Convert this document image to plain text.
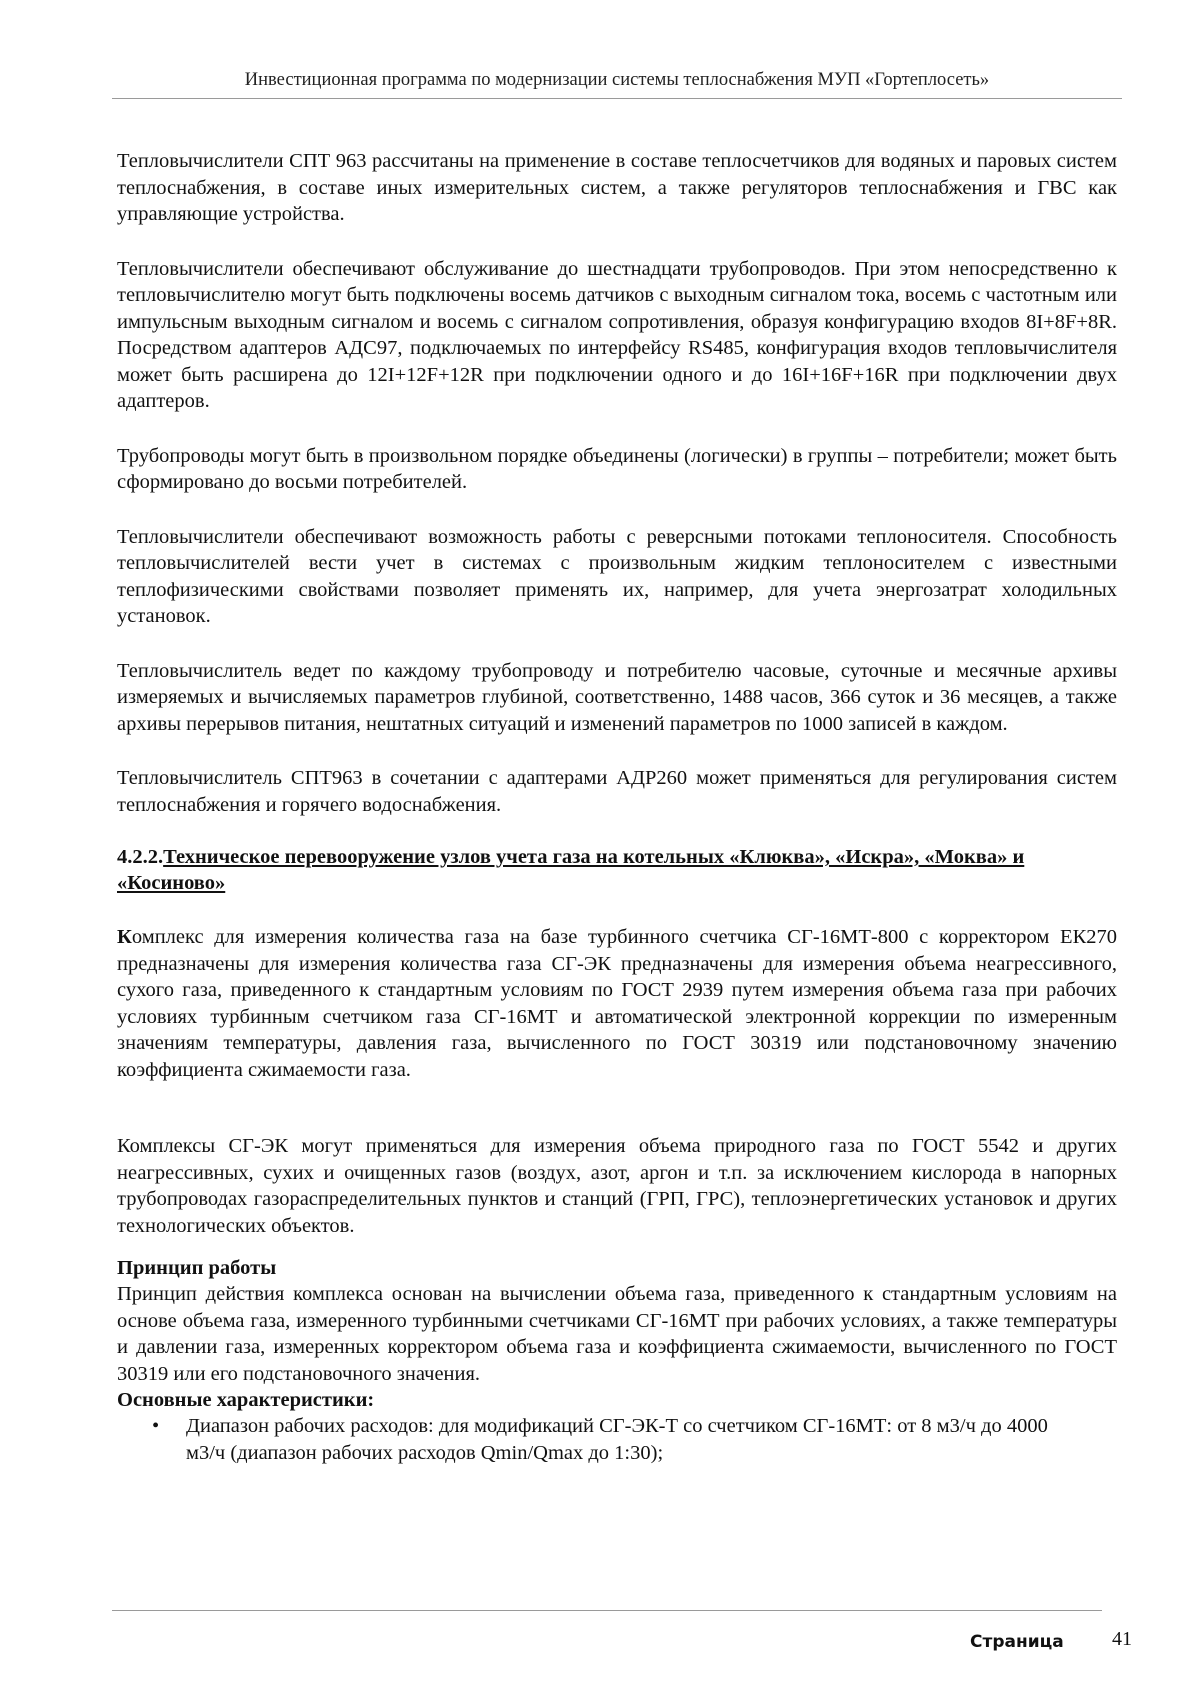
Инвестиционная программа по модернизации системы теплоснабжения МУП «Гортеплосеть»

Тепловычислители СПТ 963 рассчитаны на применение в составе теплосчетчиков для водяных и паровых систем теплоснабжения, в составе иных измерительных систем, а также регуляторов теплоснабжения и ГВС как управляющие устройства.

Тепловычислители обеспечивают обслуживание до шестнадцати трубопроводов. При этом непосредственно к тепловычислителю могут быть подключены восемь датчиков с выходным сигналом тока, восемь с частотным или импульсным выходным сигналом и восемь с сигналом сопротивления, образуя конфигурацию входов 8I+8F+8R. Посредством адаптеров АДС97, подключаемых по интерфейсу RS485, конфигурация входов тепловычислителя может быть расширена до 12I+12F+12R при подключении одного и до 16I+16F+16R при подключении двух адаптеров.

Трубопроводы могут быть в произвольном порядке объединены (логически) в группы – потребители; может быть сформировано до восьми потребителей.

Тепловычислители обеспечивают возможность работы с реверсными потоками теплоносителя. Способность тепловычислителей вести учет в системах с произвольным жидким теплоносителем с известными теплофизическими свойствами позволяет применять их, например, для учета энергозатрат холодильных установок.

Тепловычислитель ведет по каждому трубопроводу и потребителю часовые, суточные и месячные архивы измеряемых и вычисляемых параметров глубиной, соответственно, 1488 часов, 366 суток и 36 месяцев, а также архивы перерывов питания, нештатных ситуаций и изменений параметров по 1000 записей в каждом.

Тепловычислитель СПТ963 в сочетании с адаптерами АДР260 может применяться для регулирования систем теплоснабжения и горячего водоснабжения.

4.2.2.Техническое перевооружение узлов учета газа на котельных «Клюква», «Искра», «Моква» и «Косиново»

Комплекс для измерения количества газа на базе турбинного счетчика СГ-16МТ-800 с корректором ЕК270 предназначены для измерения количества газа СГ-ЭК предназначены для измерения объема неагрессивного, сухого газа, приведенного к стандартным условиям по ГОСТ 2939 путем измерения объема газа при рабочих условиях турбинным счетчиком газа СГ-16МТ и автоматической электронной коррекции по измеренным значениям температуры, давления газа, вычисленного по ГОСТ 30319 или подстановочному значению коэффициента сжимаемости газа.

Комплексы СГ-ЭК могут применяться для измерения объема природного газа по ГОСТ 5542 и других неагрессивных, сухих и очищенных газов (воздух, азот, аргон и т.п. за исключением кислорода в напорных трубопроводах газораспределительных пунктов и станций (ГРП, ГРС), теплоэнергетических установок и других технологических объектов.

Принцип работы

Принцип действия комплекса основан на вычислении объема газа, приведенного к стандартным условиям на основе объема газа, измеренного турбинными счетчиками СГ-16МТ при рабочих условиях, а также температуры и давлении газа, измеренных корректором объема газа и коэффициента сжимаемости, вычисленного по ГОСТ 30319 или его подстановочного значения.

Основные характеристики:
• Диапазон рабочих расходов: для модификаций СГ-ЭК-Т со счетчиком СГ-16МТ: от 8 м3/ч до 4000 м3/ч (диапазон рабочих расходов Qmin/Qmax до 1:30);
Страница 41
